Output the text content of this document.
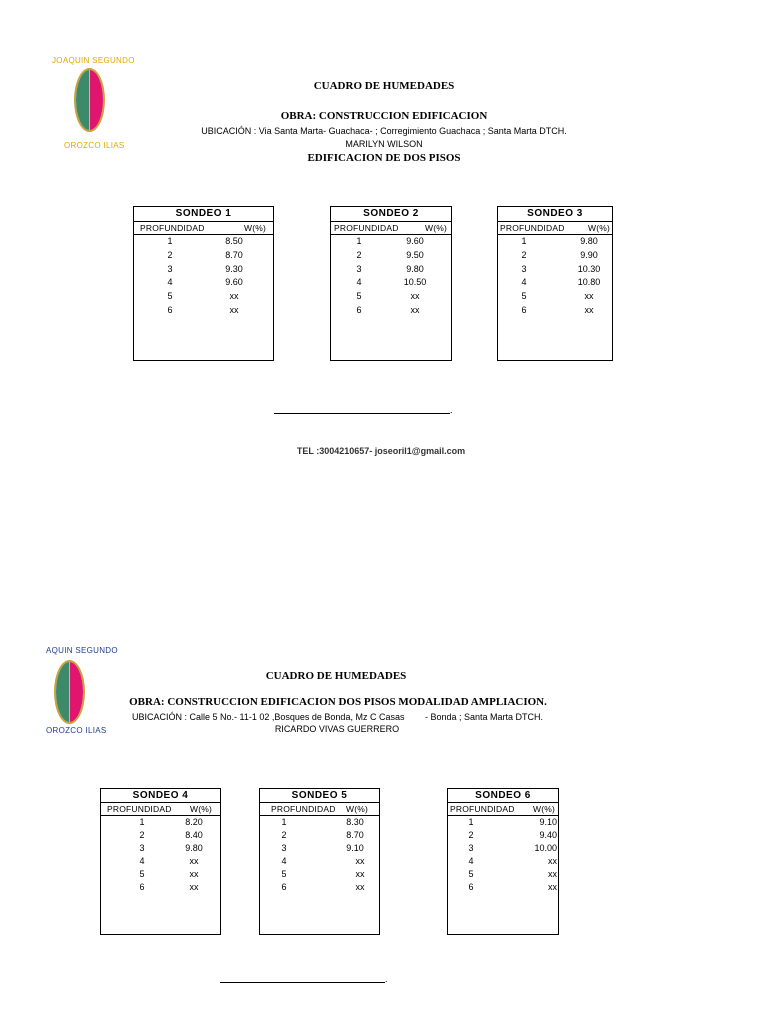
JOAQUIN SEGUNDO
OROZCO ILIAS
CUADRO DE HUMEDADES
OBRA: CONSTRUCCION EDIFICACION
UBICACIÓN : Via Santa Marta- Guachaca- ; Corregimiento Guachaca ; Santa Marta DTCH.
MARILYN WILSON
EDIFICACION DE DOS PISOS
SONDEO 1
PROFUNDIDAD	W(%)
1	8.50
2	8.70
3	9.30
4	9.60
5	xx
6	xx
SONDEO 2
PROFUNDIDAD	W(%)
1	9.60
2	9.50
3	9.80
4	10.50
5	xx
6	xx
SONDEO 3
PROFUNDIDAD	W(%)
1	9.80
2	9.90
3	10.30
4	10.80
5	xx
6	xx
.
TEL :3004210657- joseoril1@gmail.com
AQUIN SEGUNDO
OROZCO ILIAS
CUADRO DE HUMEDADES
OBRA: CONSTRUCCION EDIFICACION DOS PISOS MODALIDAD AMPLIACION.
UBICACIÓN : Calle 5 No.- 11-1 02 ,Bosques de Bonda, Mz C Casas - Bonda ; Santa Marta DTCH.
RICARDO VIVAS GUERRERO
SONDEO 4
PROFUNDIDAD W(%)
1	8.20
2	8.40
3	9.80
4	xx
5	xx
6	xx
SONDEO 5
PROFUNDIDAD W(%)
1	8.30
2	8.70
3	9.10
4	xx
5	xx
6	xx
SONDEO 6
PROFUNDIDAD W(%)
1	9.10
2	9.40
3	10.00
4	xx
5	xx
6	xx
.
